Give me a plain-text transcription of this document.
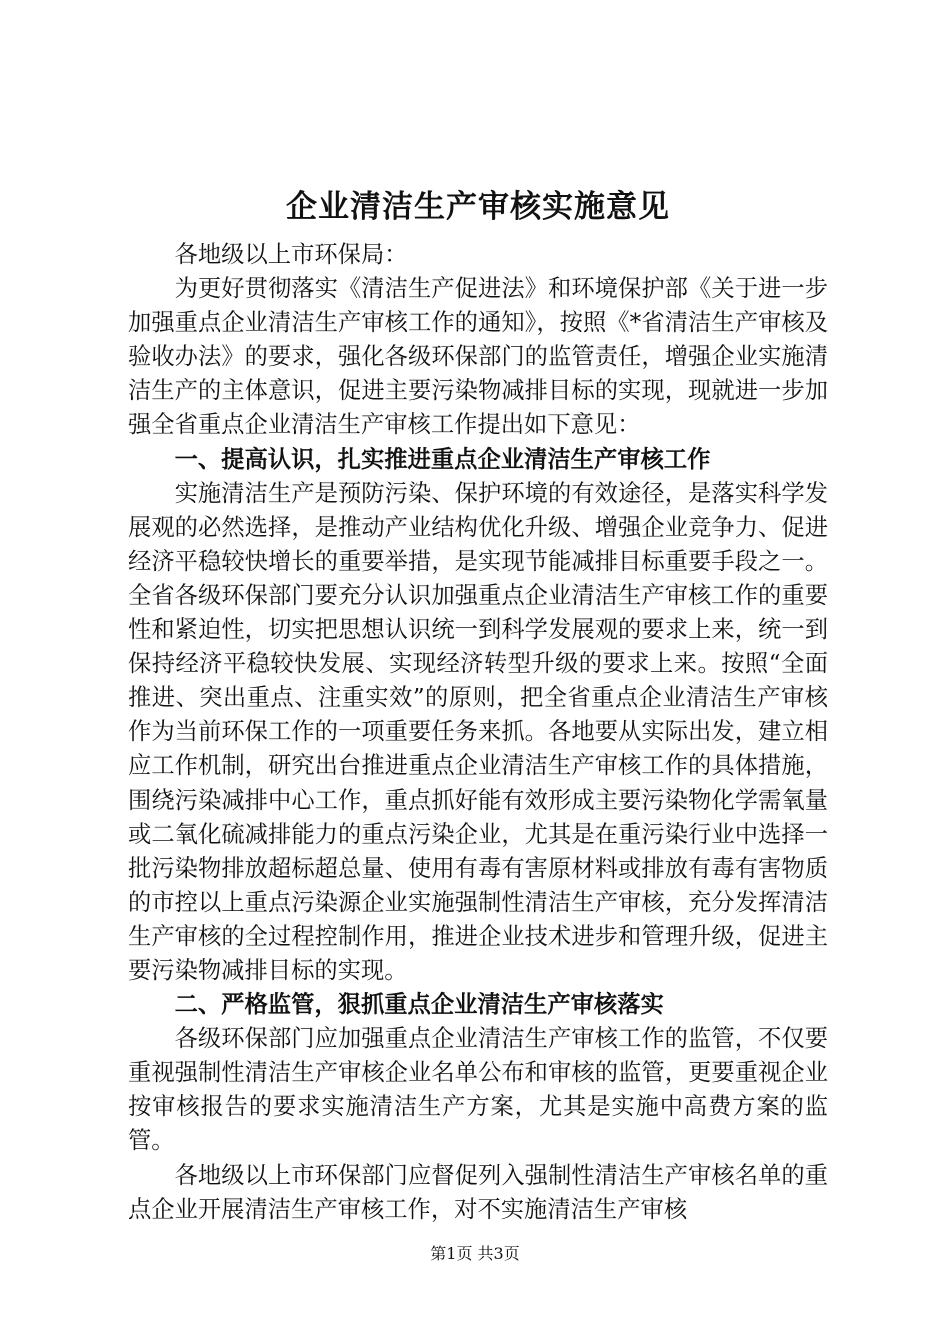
企业清洁生产审核实施意见

各地级以上市环保局：

为更好贯彻落实《清洁生产促进法》和环境保护部《关于进一步加强重点企业清洁生产审核工作的通知》，按照《*省清洁生产审核及验收办法》的要求，强化各级环保部门的监管责任，增强企业实施清洁生产的主体意识，促进主要污染物减排目标的实现，现就进一步加强全省重点企业清洁生产审核工作提出如下意见：

一、提高认识，扎实推进重点企业清洁生产审核工作

实施清洁生产是预防污染、保护环境的有效途径，是落实科学发展观的必然选择，是推动产业结构优化升级、增强企业竞争力、促进经济平稳较快增长的重要举措，是实现节能减排目标重要手段之一。全省各级环保部门要充分认识加强重点企业清洁生产审核工作的重要性和紧迫性，切实把思想认识统一到科学发展观的要求上来，统一到保持经济平稳较快发展、实现经济转型升级的要求上来。按照“全面推进、突出重点、注重实效”的原则，把全省重点企业清洁生产审核作为当前环保工作的一项重要任务来抓。各地要从实际出发，建立相应工作机制，研究出台推进重点企业清洁生产审核工作的具体措施，围绕污染减排中心工作，重点抓好能有效形成主要污染物化学需氧量或二氧化硫减排能力的重点污染企业，尤其是在重污染行业中选择一批污染物排放超标超总量、使用有毒有害原材料或排放有毒有害物质的市控以上重点污染源企业实施强制性清洁生产审核，充分发挥清洁生产审核的全过程控制作用，推进企业技术进步和管理升级，促进主要污染物减排目标的实现。

二、严格监管，狠抓重点企业清洁生产审核落实

各级环保部门应加强重点企业清洁生产审核工作的监管，不仅要重视强制性清洁生产审核企业名单公布和审核的监管，更要重视企业按审核报告的要求实施清洁生产方案，尤其是实施中高费方案的监管。

各地级以上市环保部门应督促列入强制性清洁生产审核名单的重点企业开展清洁生产审核工作，对不实施清洁生产审核

第1页 共3页
